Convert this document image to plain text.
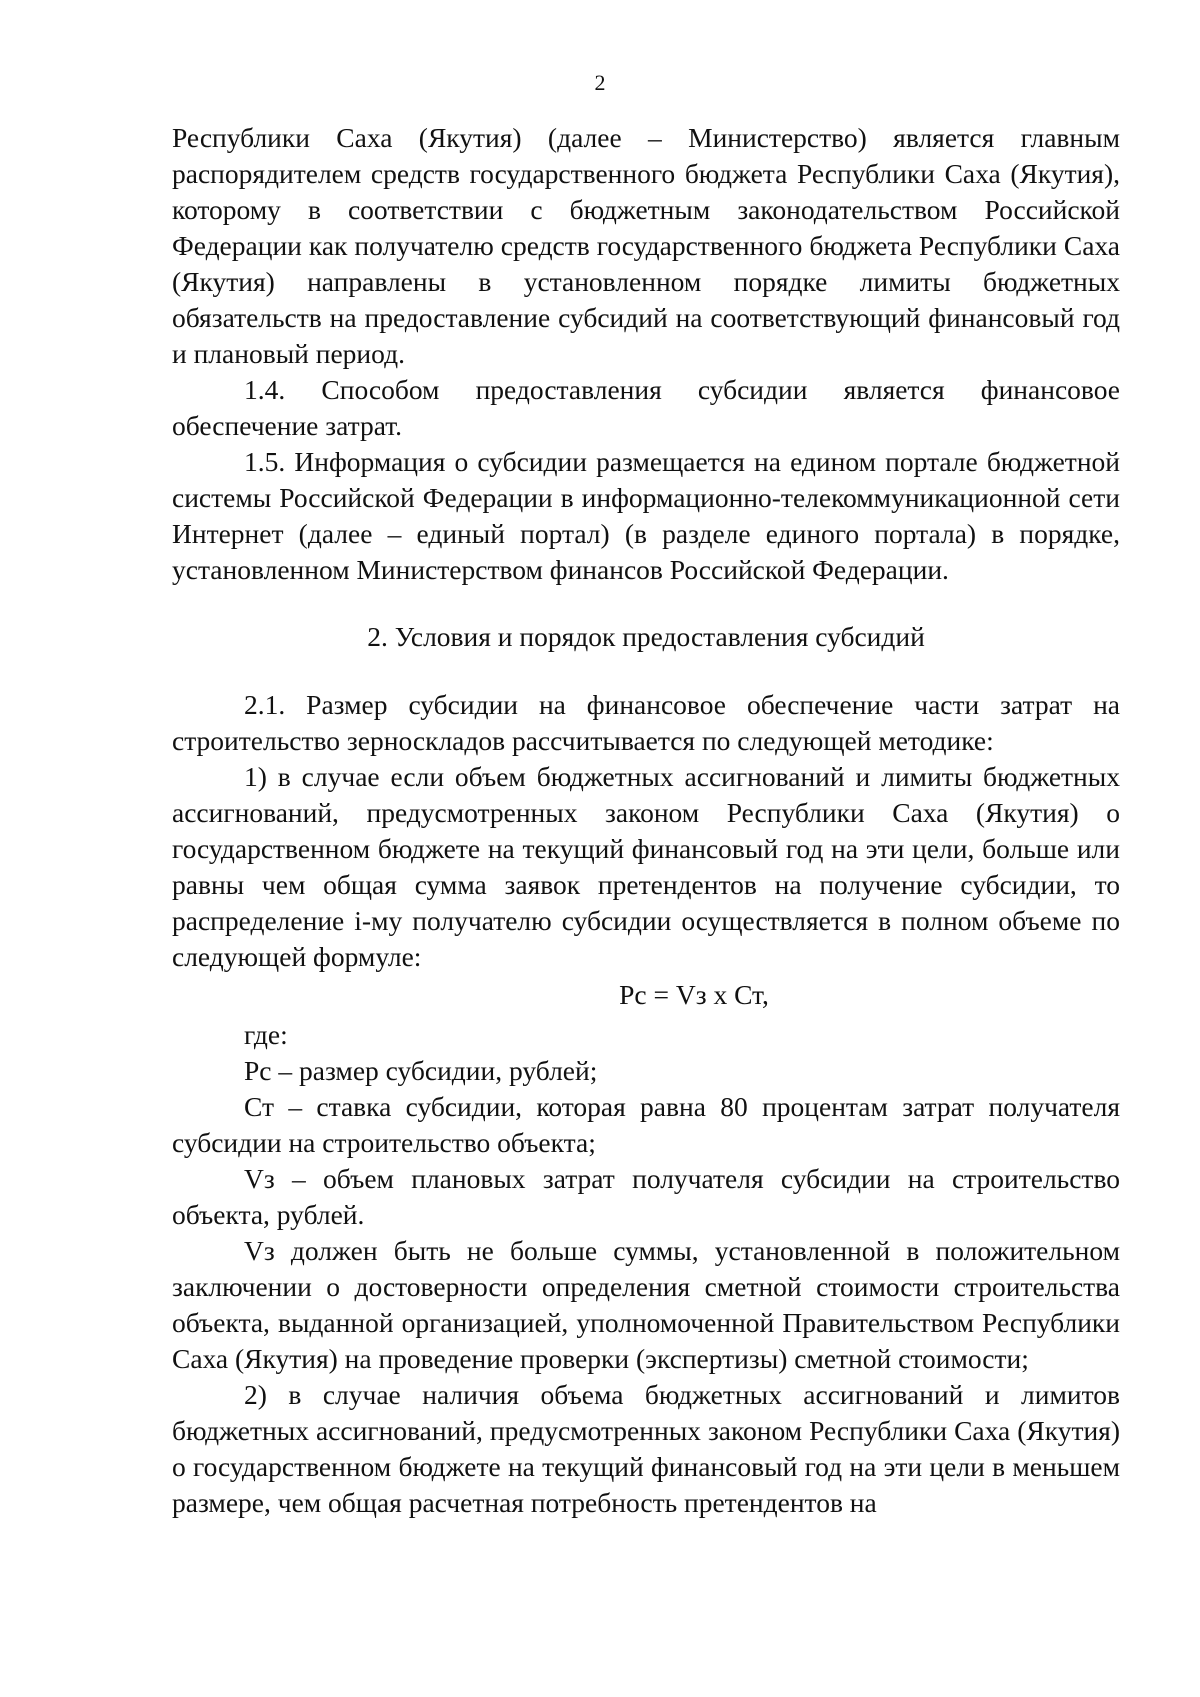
2

Республики Саха (Якутия) (далее – Министерство) является главным распорядителем средств государственного бюджета Республики Саха (Якутия), которому в соответствии с бюджетным законодательством Российской Федерации как получателю средств государственного бюджета Республики Саха (Якутия) направлены в установленном порядке лимиты бюджетных обязательств на предоставление субсидий на соответствующий финансовый год и плановый период.

1.4. Способом предоставления субсидии является финансовое обеспечение затрат.

1.5. Информация о субсидии размещается на едином портале бюджетной системы Российской Федерации в информационно-телекоммуникационной сети Интернет (далее – единый портал) (в разделе единого портала) в порядке, установленном Министерством финансов Российской Федерации.

2. Условия и порядок предоставления субсидий

2.1. Размер субсидии на финансовое обеспечение части затрат на строительство зерноскладов рассчитывается по следующей методике:

1) в случае если объем бюджетных ассигнований и лимиты бюджетных ассигнований, предусмотренных законом Республики Саха (Якутия) о государственном бюджете на текущий финансовый год на эти цели, больше или равны чем общая сумма заявок претендентов на получение субсидии, то распределение i-му получателю субсидии осуществляется в полном объеме по следующей формуле:

Рс = Vз х Ст,

где:

Рс – размер субсидии, рублей;

Ст – ставка субсидии, которая равна 80 процентам затрат получателя субсидии на строительство объекта;

Vз – объем плановых затрат получателя субсидии на строительство объекта, рублей.

Vз должен быть не больше суммы, установленной в положительном заключении о достоверности определения сметной стоимости строительства объекта, выданной организацией, уполномоченной Правительством Республики Саха (Якутия) на проведение проверки (экспертизы) сметной стоимости;

2) в случае наличия объема бюджетных ассигнований и лимитов бюджетных ассигнований, предусмотренных законом Республики Саха (Якутия) о государственном бюджете на текущий финансовый год на эти цели в меньшем размере, чем общая расчетная потребность претендентов на
